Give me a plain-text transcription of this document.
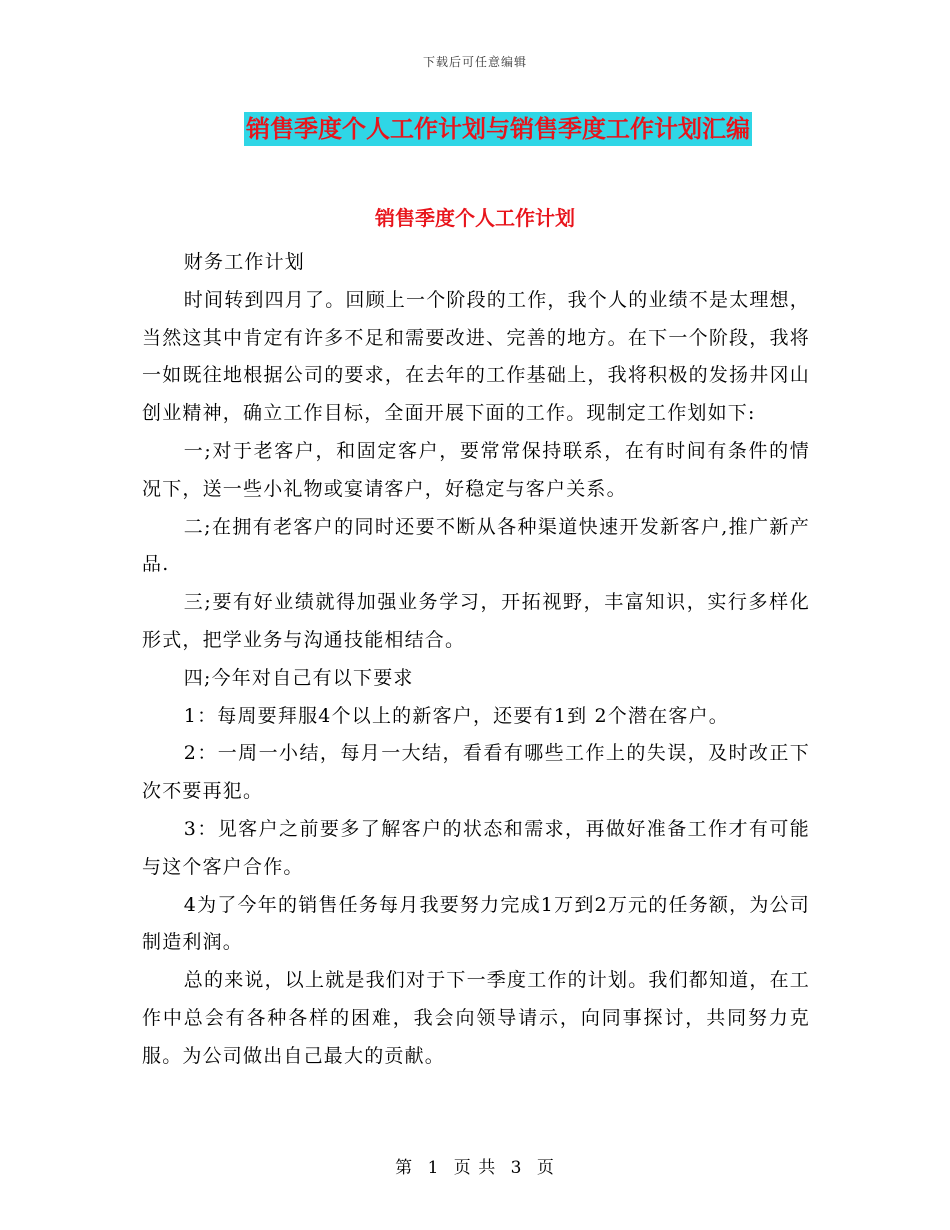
下载后可任意编辑
销售季度个人工作计划与销售季度工作计划汇编
销售季度个人工作计划

财务工作计划

时间转到四月了。回顾上一个阶段的工作，我个人的业绩不是太理想，当然这其中肯定有许多不足和需要改进、完善的地方。在下一个阶段，我将一如既往地根据公司的要求，在去年的工作基础上，我将积极的发扬井冈山创业精神，确立工作目标，全面开展下面的工作。现制定工作划如下:

一;对于老客户，和固定客户，要常常保持联系，在有时间有条件的情况下，送一些小礼物或宴请客户，好稳定与客户关系。

二;在拥有老客户的同时还要不断从各种渠道快速开发新客户,推广新产品.

三;要有好业绩就得加强业务学习，开拓视野，丰富知识，实行多样化形式，把学业务与沟通技能相结合。

四;今年对自己有以下要求

1：每周要拜服4个以上的新客户，还要有1到 2个潜在客户。

2：一周一小结，每月一大结，看看有哪些工作上的失误，及时改正下次不要再犯。

3：见客户之前要多了解客户的状态和需求，再做好准备工作才有可能与这个客户合作。

4为了今年的销售任务每月我要努力完成1万到2万元的任务额，为公司制造利润。

总的来说，以上就是我们对于下一季度工作的计划。我们都知道，在工作中总会有各种各样的困难，我会向领导请示，向同事探讨，共同努力克服。为公司做出自己最大的贡献。

第 1 页 共 3 页
